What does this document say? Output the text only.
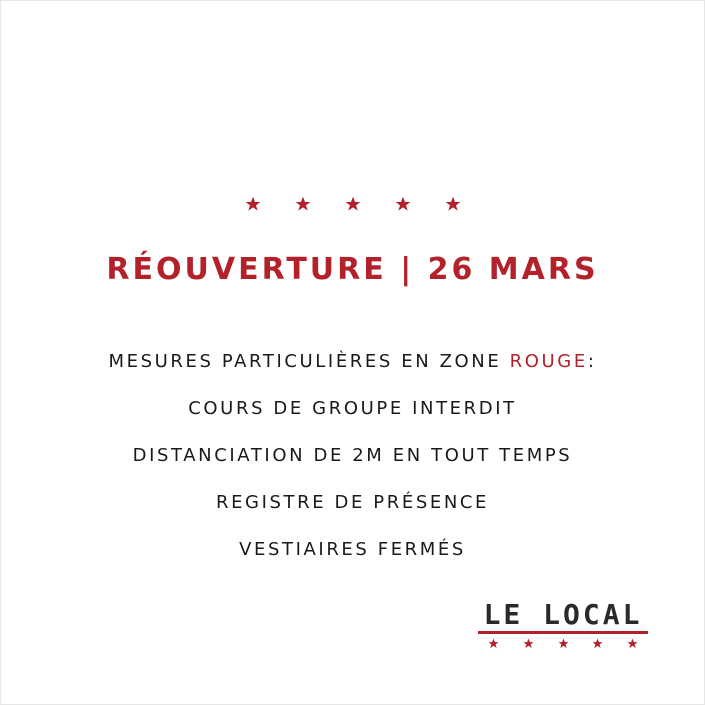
RÉOUVERTURE | 26 MARS
MESURES PARTICULIÈRES EN ZONE ROUGE:
COURS DE GROUPE INTERDIT
DISTANCIATION DE 2M EN TOUT TEMPS
REGISTRE DE PRÉSENCE
VESTIAIRES FERMÉS
LE LOCAL
